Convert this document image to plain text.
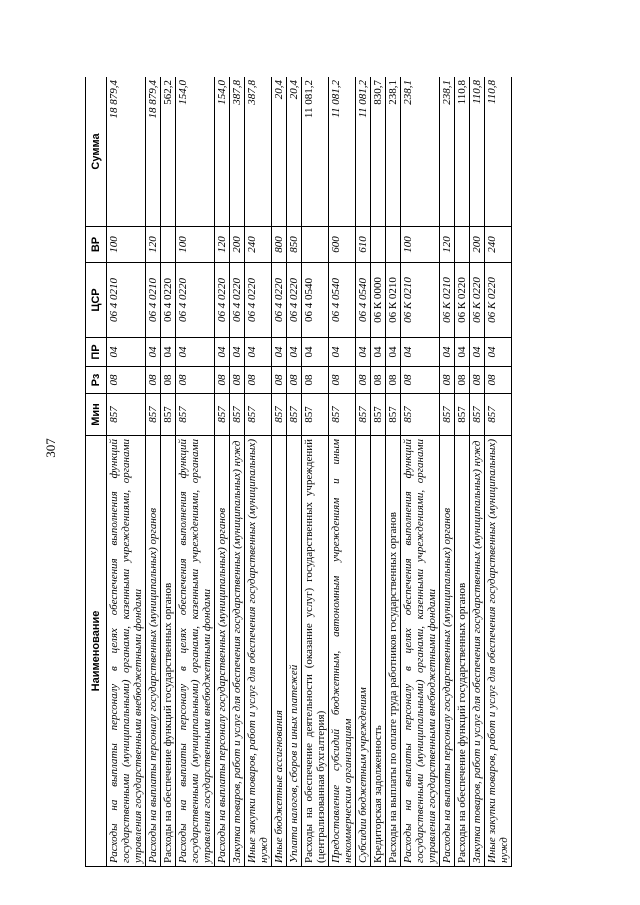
307
Наименование	Мин	Рз	ПР	ЦСР	ВР	Сумма
Расходы на выплаты персоналу в целях обеспечения выполнения функций государственными (муниципальными) органами, казенными учреждениями, органами управления государственными внебюджетными фондами	857	08	04	06 4 0210	100	18 879,4
Расходы на выплаты персоналу государственных (муниципальных) органов	857	08	04	06 4 0210	120	18 879,4
Расходы на обеспечение функций государственных органов	857	08	04	06 4 0220		562,2
Расходы на выплаты персоналу в целях обеспечения выполнения функций государственными (муниципальными) органами, казенными учреждениями, органами управления государственными внебюджетными фондами	857	08	04	06 4 0220	100	154,0
Расходы на выплаты персоналу государственных (муниципальных) органов	857	08	04	06 4 0220	120	154,0
Закупка товаров, работ и услуг для обеспечения государственных (муниципальных) нужд	857	08	04	06 4 0220	200	387,8
Иные закупки товаров, работ и услуг для обеспечения государственных (муниципальных) нужд	857	08	04	06 4 0220	240	387,8
Иные бюджетные ассигнования	857	08	04	06 4 0220	800	20,4
Уплата налогов, сборов и иных платежей	857	08	04	06 4 0220	850	20,4
Расходы на обеспечение деятельности (оказание услуг) государственных учреждений (централизованная бухгалтерия)	857	08	04	06 4 0540		11 081,2
Предоставление субсидий бюджетным, автономным учреждениям и иным некоммерческим организациям	857	08	04	06 4 0540	600	11 081,2
Субсидии бюджетным учреждениям	857	08	04	06 4 0540	610	11 081,2
Кредиторская задолженность	857	08	04	06 К 0000		830,7
Расходы на выплаты по оплате труда работников государственных органов	857	08	04	06 К 0210		238,1
Расходы на выплаты персоналу в целях обеспечения выполнения функций государственными (муниципальными) органами, казенными учреждениями, органами управления государственными внебюджетными фондами	857	08	04	06 К 0210	100	238,1
Расходы на выплаты персоналу государственных (муниципальных) органов	857	08	04	06 К 0210	120	238,1
Расходы на обеспечение функций государственных органов	857	08	04	06 К 0220		110,8
Закупка товаров, работ и услуг для обеспечения государственных (муниципальных) нужд	857	08	04	06 К 0220	200	110,8
Иные закупки товаров, работ и услуг для обеспечения государственных (муниципальных) нужд	857	08	04	06 К 0220	240	110,8
